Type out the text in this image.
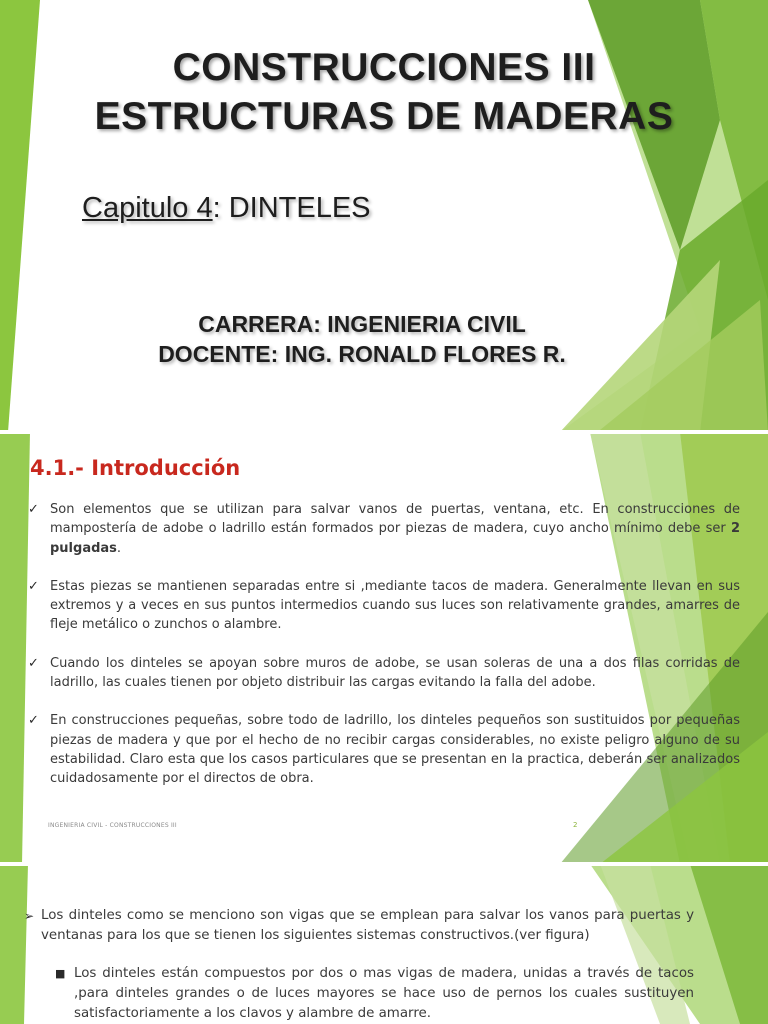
CONSTRUCCIONES III
ESTRUCTURAS DE MADERAS
Capitulo 4: DINTELES
CARRERA: INGENIERIA CIVIL
DOCENTE: ING. RONALD FLORES R.
4.1.- Introducción
✓ Son elementos que se utilizan para salvar vanos de puertas, ventana, etc. En construcciones de mampostería de adobe o ladrillo están formados por piezas de madera, cuyo ancho mínimo debe ser 2 pulgadas.
✓ Estas piezas se mantienen separadas entre si ,mediante tacos de madera. Generalmente llevan en sus extremos y a veces en sus puntos intermedios cuando sus luces son relativamente grandes, amarres de fleje metálico o zunchos o alambre.
✓ Cuando los dinteles se apoyan sobre muros de adobe, se usan soleras de una a dos filas corridas de ladrillo, las cuales tienen por objeto distribuir las cargas evitando la falla del adobe.
✓ En construcciones pequeñas, sobre todo de ladrillo, los dinteles pequeños son sustituidos por pequeñas piezas de madera y que por el hecho de no recibir cargas considerables, no existe peligro alguno de su estabilidad. Claro esta que los casos particulares que se presentan en la practica, deberán ser analizados cuidadosamente por el directos de obra.
INGENIERIA CIVIL - CONSTRUCCIONES III	2
➢ Los dinteles como se menciono son vigas que se emplean para salvar los vanos para puertas y ventanas para los que se tienen los siguientes sistemas constructivos.(ver figura)
■ Los dinteles están compuestos por dos o mas vigas de madera, unidas a través de tacos ,para dinteles grandes o de luces mayores se hace uso de pernos los cuales sustituyen satisfactoriamente a los clavos y alambre de amarre.
